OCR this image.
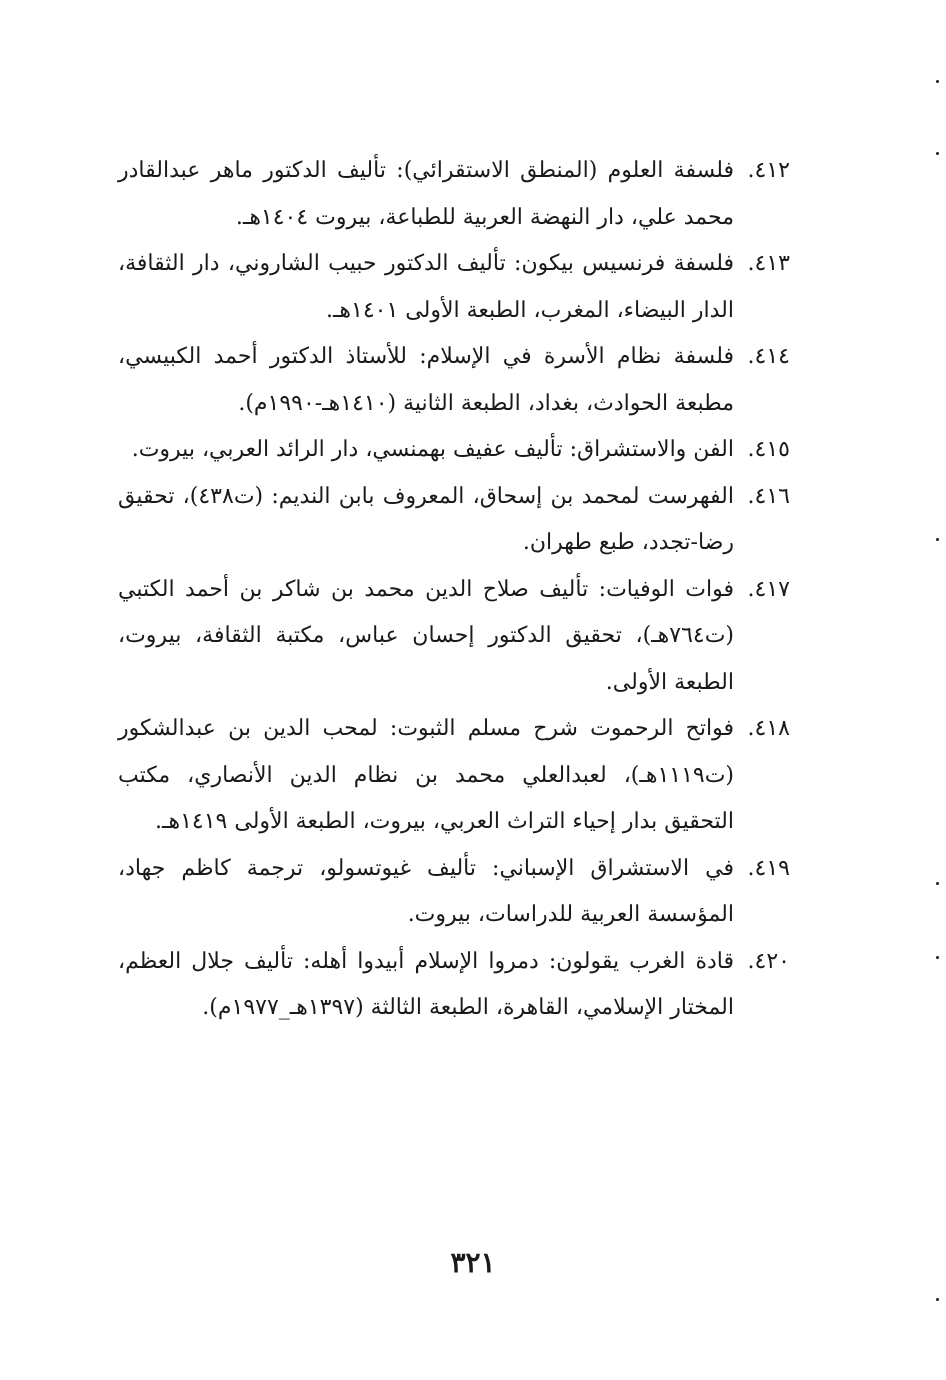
٤١٢.
فلسفة العلوم (المنطق الاستقرائي): تأليف الدكتور ماهر عبدالقادر محمد علي، دار النهضة العربية للطباعة، بيروت ١٤٠٤هـ.
٤١٣.
فلسفة فرنسيس بيكون: تأليف الدكتور حبيب الشاروني، دار الثقافة، الدار البيضاء، المغرب، الطبعة الأولى ١٤٠١هـ.
٤١٤.
فلسفة نظام الأسرة في الإسلام: للأستاذ الدكتور أحمد الكبيسي، مطبعة الحوادث، بغداد، الطبعة الثانية (١٤١٠هـ-١٩٩٠م).
٤١٥.
الفن والاستشراق: تأليف عفيف بهمنسي، دار الرائد العربي، بيروت.
٤١٦.
الفهرست لمحمد بن إسحاق، المعروف بابن النديم: (ت٤٣٨)، تحقيق رضا-تجدد، طبع طهران.
٤١٧.
فوات الوفيات: تأليف صلاح الدين محمد بن شاكر بن أحمد الكتبي (ت٧٦٤هـ)، تحقيق الدكتور إحسان عباس، مكتبة الثقافة، بيروت، الطبعة الأولى.
٤١٨.
فواتح الرحموت شرح مسلم الثبوت: لمحب الدين بن عبدالشكور (ت١١١٩هـ)، لعبدالعلي محمد بن نظام الدين الأنصاري، مكتب التحقيق بدار إحياء التراث العربي، بيروت، الطبعة الأولى ١٤١٩هـ.
٤١٩.
في الاستشراق الإسباني: تأليف غيوتسولو، ترجمة كاظم جهاد، المؤسسة العربية للدراسات، بيروت.
٤٢٠.
قادة الغرب يقولون: دمروا الإسلام أبيدوا أهله: تأليف جلال العظم، المختار الإسلامي، القاهرة، الطبعة الثالثة (١٣٩٧هـ_١٩٧٧م).
٣٢١
